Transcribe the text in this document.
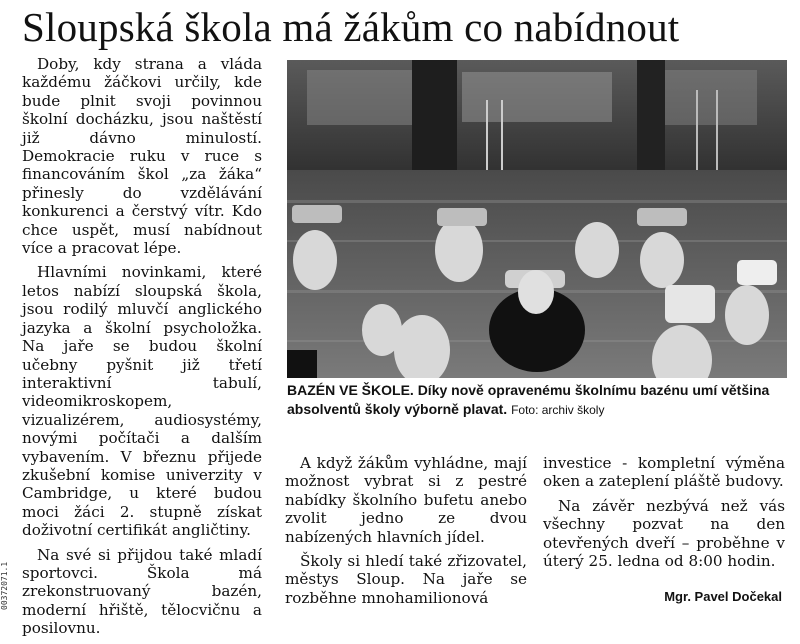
Sloupská škola má žákům co nabídnout

Doby, kdy strana a vláda každému žáčkovi určily, kde bude plnit svoji povinnou školní docházku, jsou naštěstí již dávno minulostí. Demokracie ruku v ruce s financováním škol „za žáka“ přinesly do vzdělávání konkurenci a čerstvý vítr. Kdo chce uspět, musí nabídnout více a pracovat lépe.

Hlavními novinkami, které letos nabízí sloupská škola, jsou rodilý mluvčí anglického jazyka a školní psycholožka. Na jaře se budou školní učebny pyšnit již třetí interaktivní tabulí, videomikroskopem, vizualizérem, audiosystémy, novými počítači a dalším vybavením. V březnu přijede zkušební komise univerzity v Cambridge, u které budou moci žáci 2. stupně získat doživotní certifikát angličtiny.

Na své si přijdou také mladí sportovci. Škola má zrekonstruovaný bazén, moderní hřiště, tělocvičnu a posilovnu.

BAZÉN VE ŠKOLE. Díky nově opravenému školnímu bazénu umí většina absolventů školy výborně plavat. Foto: archiv školy

A když žákům vyhládne, mají možnost vybrat si z pestré nabídky školního bufetu anebo zvolit jedno ze dvou nabízených hlavních jídel.

Školy si hledí také zřizovatel, městys Sloup. Na jaře se rozběhne mnohamilionová

investice - kompletní výměna oken a zateplení pláště budovy.

Na závěr nezbývá než vás všechny pozvat na den otevřených dveří – proběhne v úterý 25. ledna od 8:00 hodin.

Mgr. Pavel Dočekal
00372071.1
